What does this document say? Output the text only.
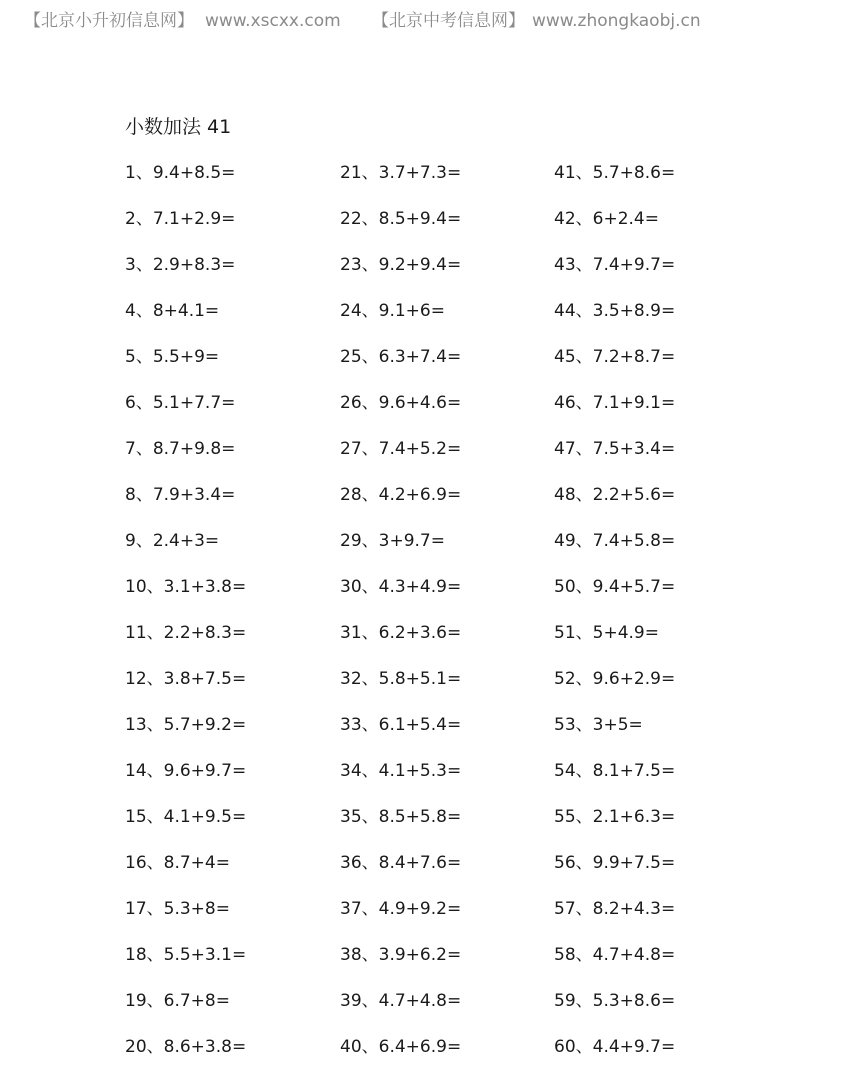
【北京小升初信息网】 www.xscxx.com 【北京中考信息网】 www.zhongkaobj.cn
小数加法 41
1、9.4+8.5=
2、7.1+2.9=
3、2.9+8.3=
4、8+4.1=
5、5.5+9=
6、5.1+7.7=
7、8.7+9.8=
8、7.9+3.4=
9、2.4+3=
10、3.1+3.8=
11、2.2+8.3=
12、3.8+7.5=
13、5.7+9.2=
14、9.6+9.7=
15、4.1+9.5=
16、8.7+4=
17、5.3+8=
18、5.5+3.1=
19、6.7+8=
20、8.6+3.8=
21、3.7+7.3=
22、8.5+9.4=
23、9.2+9.4=
24、9.1+6=
25、6.3+7.4=
26、9.6+4.6=
27、7.4+5.2=
28、4.2+6.9=
29、3+9.7=
30、4.3+4.9=
31、6.2+3.6=
32、5.8+5.1=
33、6.1+5.4=
34、4.1+5.3=
35、8.5+5.8=
36、8.4+7.6=
37、4.9+9.2=
38、3.9+6.2=
39、4.7+4.8=
40、6.4+6.9=
41、5.7+8.6=
42、6+2.4=
43、7.4+9.7=
44、3.5+8.9=
45、7.2+8.7=
46、7.1+9.1=
47、7.5+3.4=
48、2.2+5.6=
49、7.4+5.8=
50、9.4+5.7=
51、5+4.9=
52、9.6+2.9=
53、3+5=
54、8.1+7.5=
55、2.1+6.3=
56、9.9+7.5=
57、8.2+4.3=
58、4.7+4.8=
59、5.3+8.6=
60、4.4+9.7=
